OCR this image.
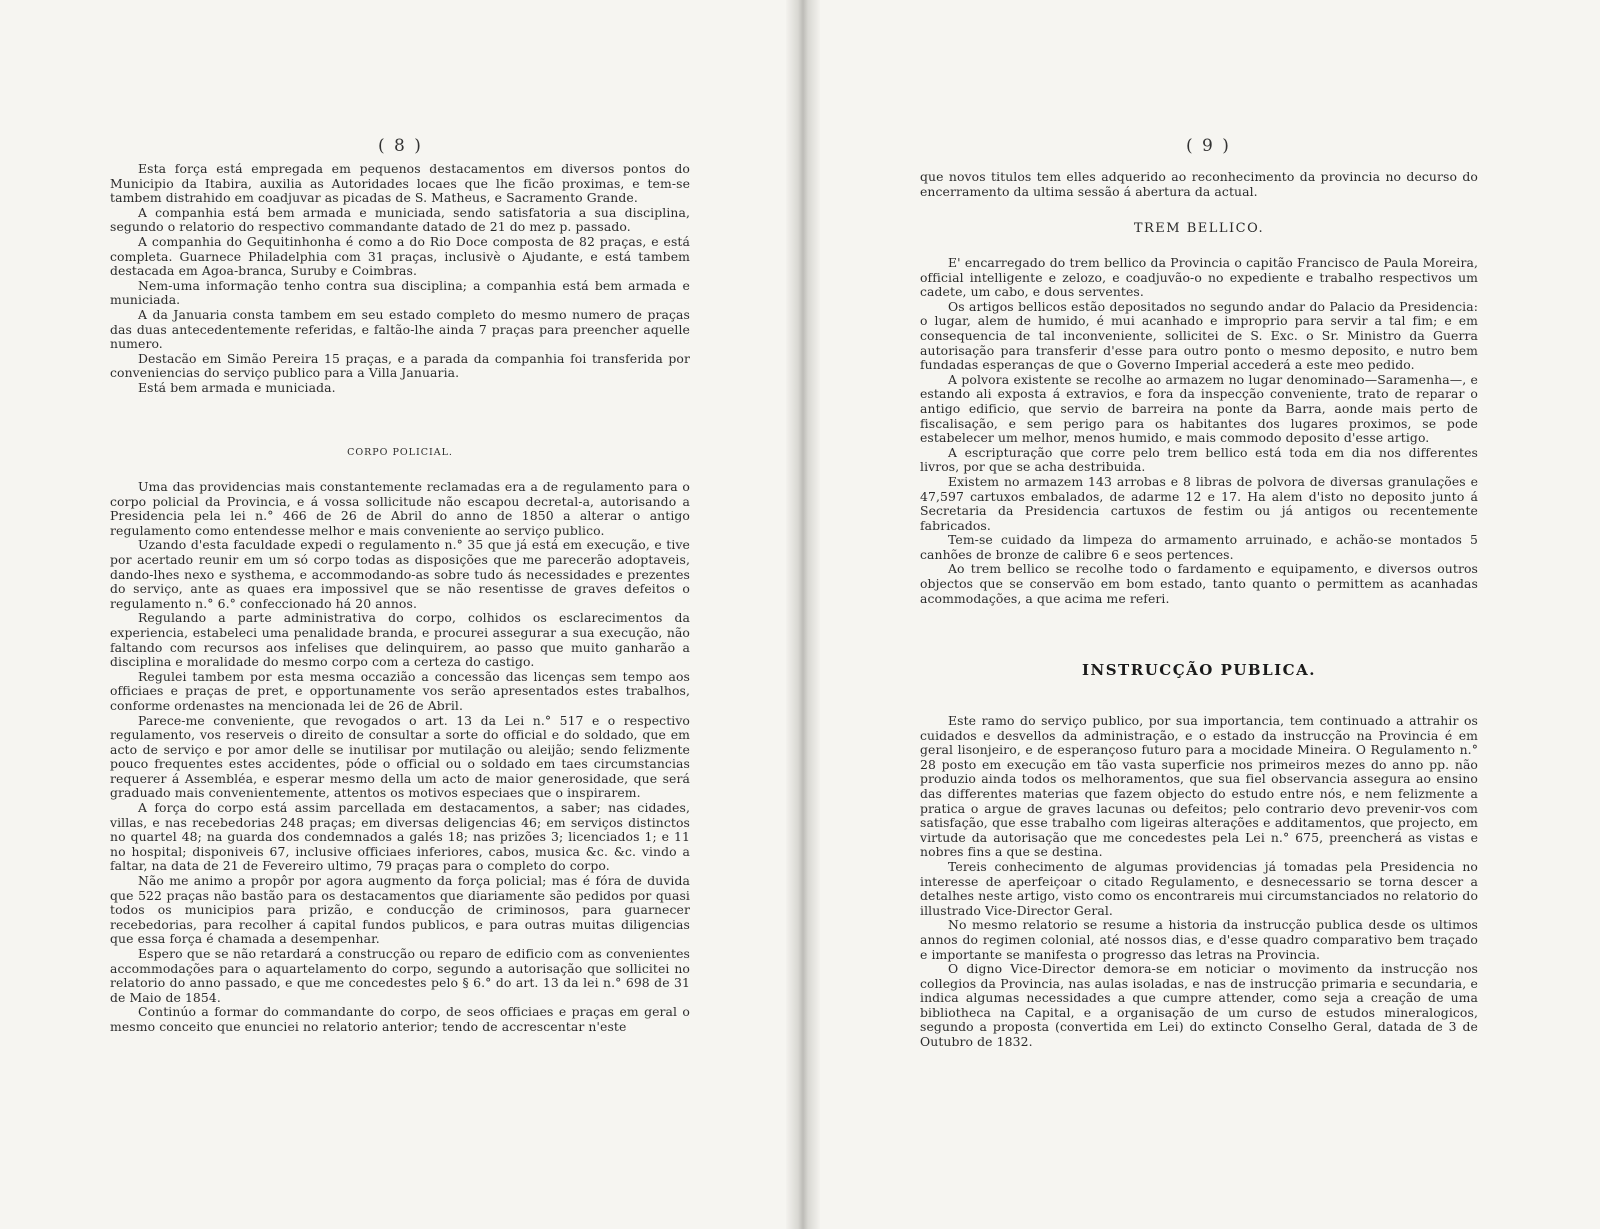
( 8 )

Esta força está empregada em pequenos destacamentos em diversos pontos do Municipio da Itabira, auxilia as Autoridades locaes que lhe ficão proximas, e tem-se tambem distrahido em coadjuvar as picadas de S. Matheus, e Sacramento Grande.

A companhia está bem armada e municiada, sendo satisfatoria a sua disciplina, segundo o relatorio do respectivo commandante datado de 21 do mez p. passado.

A companhia do Gequitinhonha é como a do Rio Doce composta de 82 praças, e está completa. Guarnece Philadelphia com 31 praças, inclusivè o Ajudante, e está tambem destacada em Agoa-branca, Suruby e Coimbras.

Nem-uma informação tenho contra sua disciplina; a companhia está bem armada e municiada.

A da Januaria consta tambem em seu estado completo do mesmo numero de praças das duas antecedentemente referidas, e faltão-lhe ainda 7 praças para preencher aquelle numero.

Destacão em Simão Pereira 15 praças, e a parada da companhia foi transferida por conveniencias do serviço publico para a Villa Januaria.

Está bem armada e municiada.

CORPO POLICIAL.

Uma das providencias mais constantemente reclamadas era a de regulamento para o corpo policial da Provincia, e á vossa sollicitude não escapou decretal-a, autorisando a Presidencia pela lei n.° 466 de 26 de Abril do anno de 1850 a alterar o antigo regulamento como entendesse melhor e mais conveniente ao serviço publico.

Uzando d'esta faculdade expedi o regulamento n.° 35 que já está em execução, e tive por acertado reunir em um só corpo todas as disposições que me parecerão adoptaveis, dando-lhes nexo e systhema, e accommodando-as sobre tudo ás necessidades e prezentes do serviço, ante as quaes era impossivel que se não resentisse de graves defeitos o regulamento n.° 6.° confeccionado há 20 annos.

Regulando a parte administrativa do corpo, colhidos os esclarecimentos da experiencia, estabeleci uma penalidade branda, e procurei assegurar a sua execução, não faltando com recursos aos infelises que delinquirem, ao passo que muito ganharão a disciplina e moralidade do mesmo corpo com a certeza do castigo.

Regulei tambem por esta mesma occazião a concessão das licenças sem tempo aos officiaes e praças de pret, e opportunamente vos serão apresentados estes trabalhos, conforme ordenastes na mencionada lei de 26 de Abril.

Parece-me conveniente, que revogados o art. 13 da Lei n.° 517 e o respectivo regulamento, vos reserveis o direito de consultar a sorte do official e do soldado, que em acto de serviço e por amor delle se inutilisar por mutilação ou aleijão; sendo felizmente pouco frequentes estes accidentes, póde o official ou o soldado em taes circumstancias requerer á Assembléa, e esperar mesmo della um acto de maior generosidade, que será graduado mais convenientemente, attentos os motivos especiaes que o inspirarem.

A força do corpo está assim parcellada em destacamentos, a saber; nas cidades, villas, e nas recebedorias 248 praças; em diversas deligencias 46; em serviços distinctos no quartel 48; na guarda dos condemnados a galés 18; nas prizões 3; licenciados 1; e 11 no hospital; disponiveis 67, inclusive officiaes inferiores, cabos, musica &c. &c. vindo a faltar, na data de 21 de Fevereiro ultimo, 79 praças para o completo do corpo.

Não me animo a propôr por agora augmento da força policial; mas é fóra de duvida que 522 praças não bastão para os destacamentos que diariamente são pedidos por quasi todos os municipios para prizão, e conducção de criminosos, para guarnecer recebedorias, para recolher á capital fundos publicos, e para outras muitas diligencias que essa força é chamada a desempenhar.

Espero que se não retardará a construcção ou reparo de edificio com as convenientes accommodações para o aquartelamento do corpo, segundo a autorisação que sollicitei no relatorio do anno passado, e que me concedestes pelo § 6.° do art. 13 da lei n.° 698 de 31 de Maio de 1854.

Continúo a formar do commandante do corpo, de seos officiaes e praças em geral o mesmo conceito que enunciei no relatorio anterior; tendo de accrescentar n'este

( 9 )

que novos titulos tem elles adquerido ao reconhecimento da provincia no decurso do encerramento da ultima sessão á abertura da actual.

TREM BELLICO.

E' encarregado do trem bellico da Provincia o capitão Francisco de Paula Moreira, official intelligente e zelozo, e coadjuvão-o no expediente e trabalho respectivos um cadete, um cabo, e dous serventes.

Os artigos bellicos estão depositados no segundo andar do Palacio da Presidencia: o lugar, alem de humido, é mui acanhado e improprio para servir a tal fim; e em consequencia de tal inconveniente, sollicitei de S. Exc. o Sr. Ministro da Guerra autorisação para transferir d'esse para outro ponto o mesmo deposito, e nutro bem fundadas esperanças de que o Governo Imperial accederá a este meo pedido.

A polvora existente se recolhe ao armazem no lugar denominado—Saramenha—, e estando ali exposta á extravios, e fora da inspecção conveniente, trato de reparar o antigo edificio, que servio de barreira na ponte da Barra, aonde mais perto de fiscalisação, e sem perigo para os habitantes dos lugares proximos, se pode estabelecer um melhor, menos humido, e mais commodo deposito d'esse artigo.

A escripturação que corre pelo trem bellico está toda em dia nos differentes livros, por que se acha destribuida.

Existem no armazem 143 arrobas e 8 libras de polvora de diversas granulações e 47,597 cartuxos embalados, de adarme 12 e 17. Ha alem d'isto no deposito junto á Secretaria da Presidencia cartuxos de festim ou já antigos ou recentemente fabricados.

Tem-se cuidado da limpeza do armamento arruinado, e achão-se montados 5 canhões de bronze de calibre 6 e seos pertences.

Ao trem bellico se recolhe todo o fardamento e equipamento, e diversos outros objectos que se conservão em bom estado, tanto quanto o permittem as acanhadas acommodações, a que acima me referi.

INSTRUCÇÃO PUBLICA.

Este ramo do serviço publico, por sua importancia, tem continuado a attrahir os cuidados e desvellos da administração, e o estado da instrucção na Provincia é em geral lisonjeiro, e de esperançoso futuro para a mocidade Mineira. O Regulamento n.° 28 posto em execução em tão vasta superficie nos primeiros mezes do anno pp. não produzio ainda todos os melhoramentos, que sua fiel observancia assegura ao ensino das differentes materias que fazem objecto do estudo entre nós, e nem felizmente a pratica o argue de graves lacunas ou defeitos; pelo contrario devo prevenir-vos com satisfação, que esse trabalho com ligeiras alterações e additamentos, que projecto, em virtude da autorisação que me concedestes pela Lei n.° 675, preencherá as vistas e nobres fins a que se destina.

Tereis conhecimento de algumas providencias já tomadas pela Presidencia no interesse de aperfeiçoar o citado Regulamento, e desnecessario se torna descer a detalhes neste artigo, visto como os encontrareis mui circumstanciados no relatorio do illustrado Vice-Director Geral.

No mesmo relatorio se resume a historia da instrucção publica desde os ultimos annos do regimen colonial, até nossos dias, e d'esse quadro comparativo bem traçado e importante se manifesta o progresso das letras na Provincia.

O digno Vice-Director demora-se em noticiar o movimento da instrucção nos collegios da Provincia, nas aulas isoladas, e nas de instrucção primaria e secundaria, e indica algumas necessidades a que cumpre attender, como seja a creação de uma bibliotheca na Capital, e a organisação de um curso de estudos mineralogicos, segundo a proposta (convertida em Lei) do extincto Conselho Geral, datada de 3 de Outubro de 1832.
